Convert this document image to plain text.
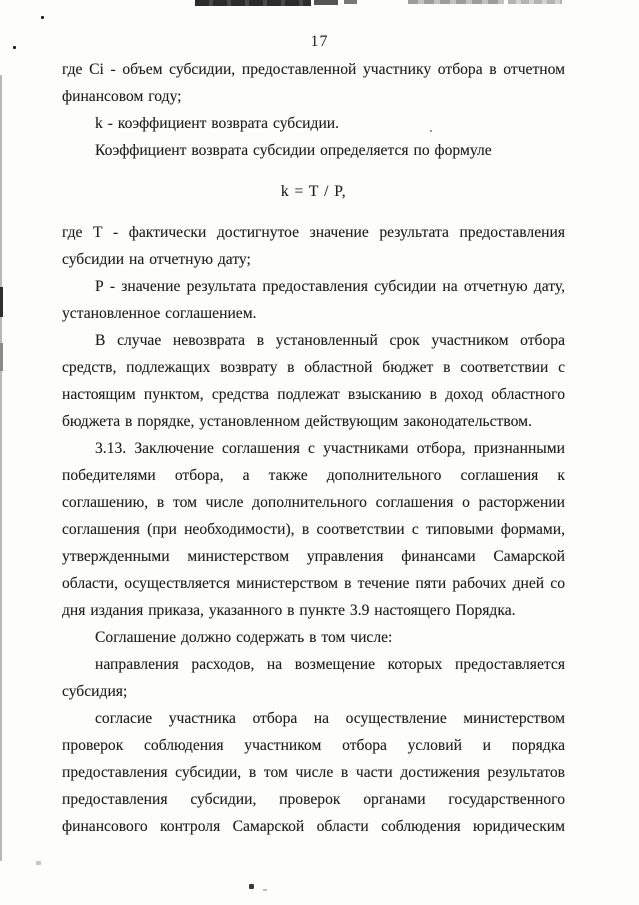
17

где Ci - объем субсидии, предоставленной участнику отбора в отчетном финансовом году;

k - коэффициент возврата субсидии.

Коэффициент возврата субсидии определяется по формуле

k = T / P,

где Т - фактически достигнутое значение результата предоставления субсидии на отчетную дату;

Р - значение результата предоставления субсидии на отчетную дату, установленное соглашением.

В случае невозврата в установленный срок участником отбора средств, подлежащих возврату в областной бюджет в соответствии с настоящим пунктом, средства подлежат взысканию в доход областного бюджета в порядке, установленном действующим законодательством.

3.13. Заключение соглашения с участниками отбора, признанными победителями отбора, а также дополнительного соглашения к соглашению, в том числе дополнительного соглашения о расторжении соглашения (при необходимости), в соответствии с типовыми формами, утвержденными министерством управления финансами Самарской области, осуществляется министерством в течение пяти рабочих дней со дня издания приказа, указанного в пункте 3.9 настоящего Порядка.

Соглашение должно содержать в том числе:

направления расходов, на возмещение которых предоставляется субсидия;

согласие участника отбора на осуществление министерством проверок соблюдения участником отбора условий и порядка предоставления субсидии, в том числе в части достижения результатов предоставления субсидии, проверок органами государственного финансового контроля Самарской области соблюдения юридическим
